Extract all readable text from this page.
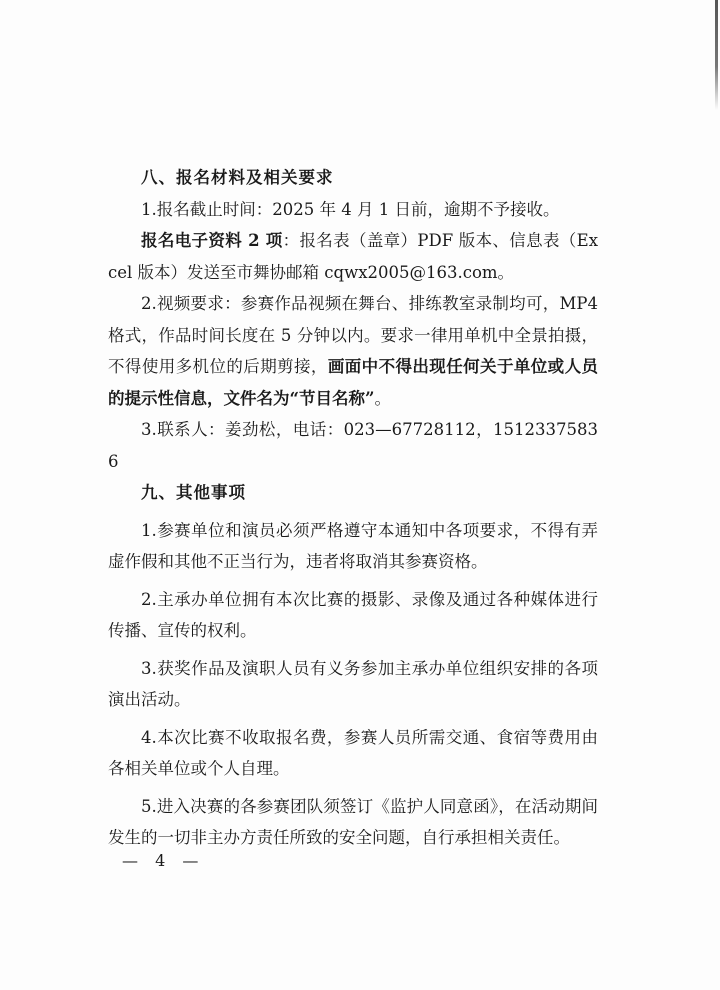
八、报名材料及相关要求

1.报名截止时间：2025 年 4 月 1 日前，逾期不予接收。

报名电子资料 2 项：报名表（盖章）PDF 版本、信息表（Excel 版本）发送至市舞协邮箱 cqwx2005@163.com。

2.视频要求：参赛作品视频在舞台、排练教室录制均可，MP4 格式，作品时间长度在 5 分钟以内。要求一律用单机中全景拍摄，不得使用多机位的后期剪接，画面中不得出现任何关于单位或人员的提示性信息，文件名为“节目名称”。

3.联系人：姜劲松，电话：023—67728112，15123375836

九、其他事项

1.参赛单位和演员必须严格遵守本通知中各项要求，不得有弄虚作假和其他不正当行为，违者将取消其参赛资格。

2.主承办单位拥有本次比赛的摄影、录像及通过各种媒体进行传播、宣传的权利。

3.获奖作品及演职人员有义务参加主承办单位组织安排的各项演出活动。

4.本次比赛不收取报名费，参赛人员所需交通、食宿等费用由各相关单位或个人自理。

5.进入决赛的各参赛团队须签订《监护人同意函》，在活动期间发生的一切非主办方责任所致的安全问题，自行承担相关责任。

— 4 —
